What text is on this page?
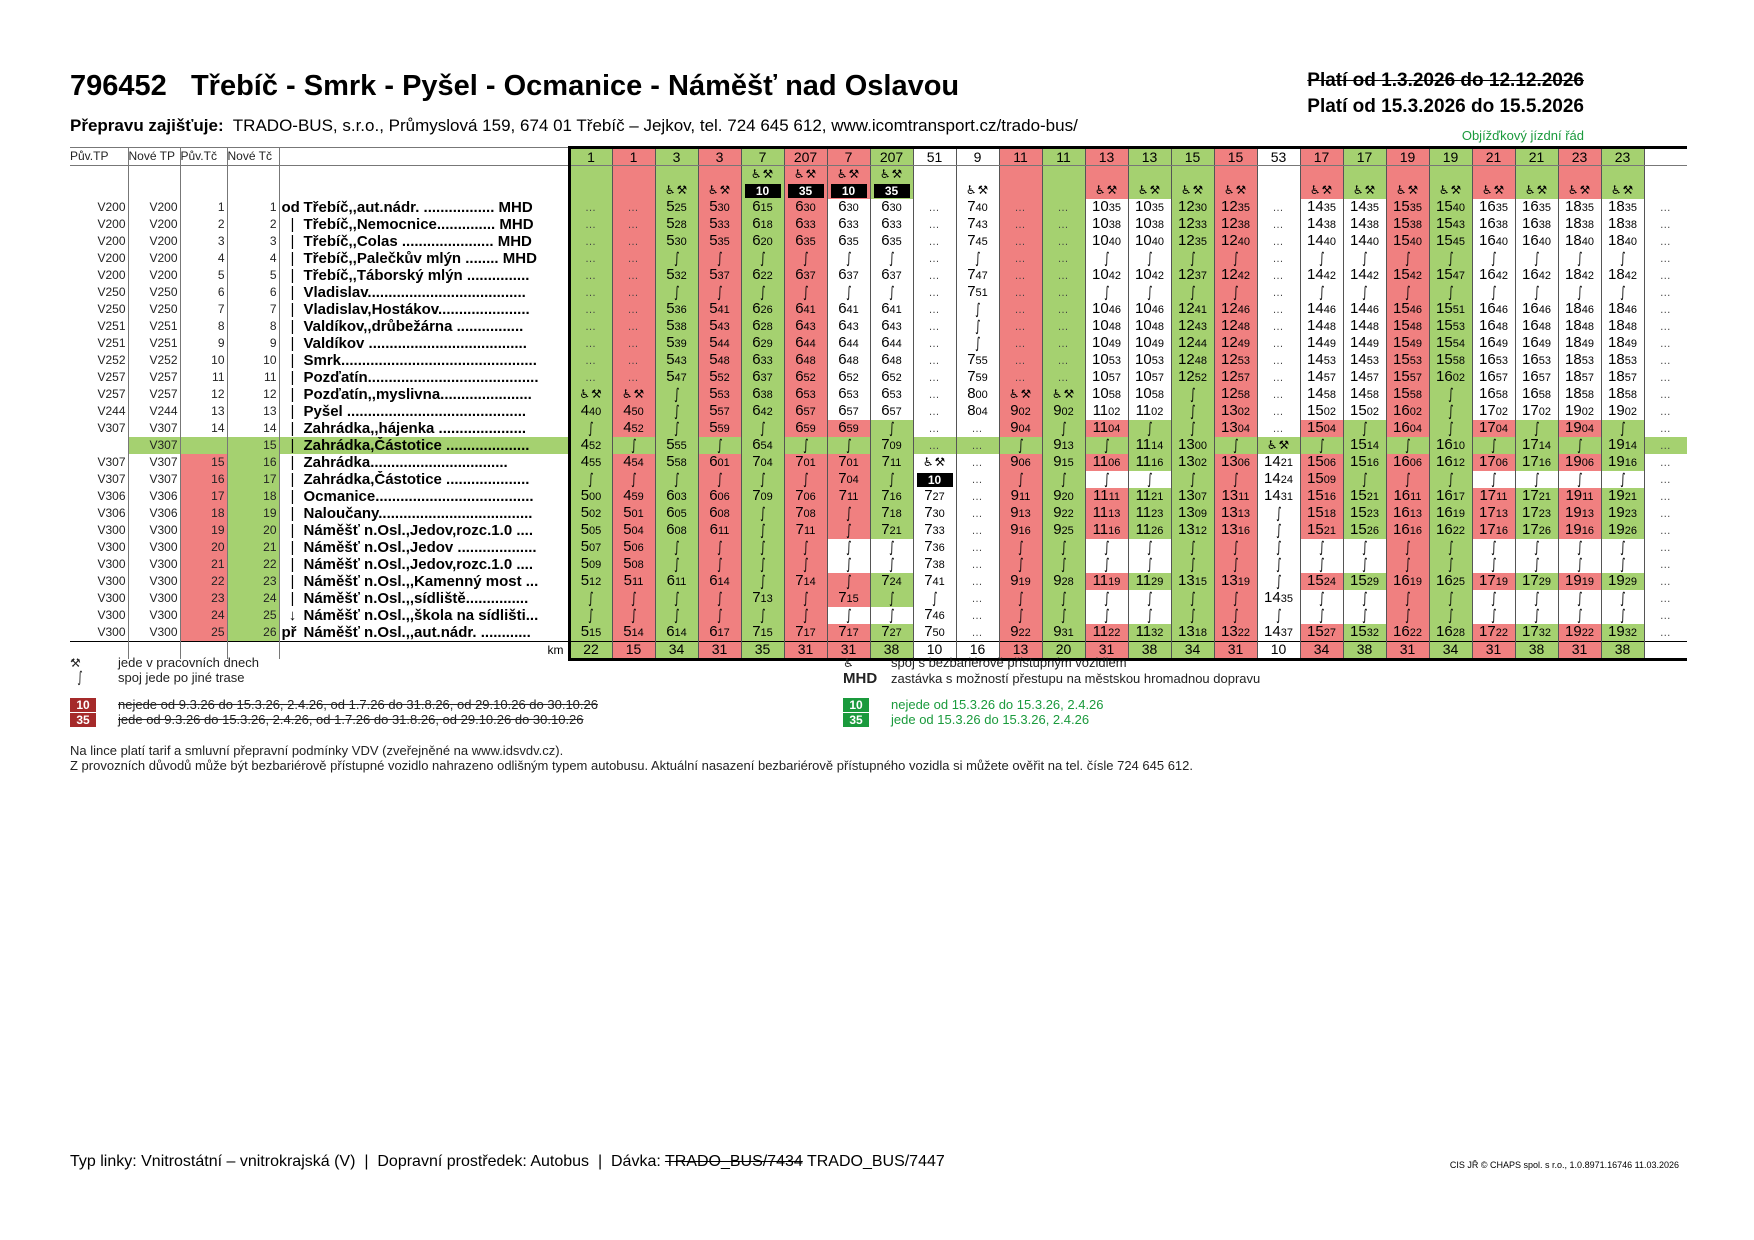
796452 Třebíč - Smrk - Pyšel - Ocmanice - Náměšť nad Oslavou
Přepravu zajišťuje: TRADO-BUS, s.r.o., Průmyslová 159, 674 01 Třebíč – Jejkov, tel. 724 645 612, www.icomtransport.cz/trado-bus/
Platí od 1.3.2026 do 12.12.2026
Platí od 15.3.2026 do 15.5.2026
Objížďkový jízdní řád
Pův.TP	Nové TP	Pův.Tč	Nové Tč		1	1	3	3	7	207	7	207	51	9	11	11	13	13	15	15	53	17	17	19	19	21	21	23	23	
									♿⚒	♿⚒	♿⚒	♿⚒																		
							♿⚒	♿⚒	10	35	10	35		♿⚒			♿⚒	♿⚒	♿⚒	♿⚒		♿⚒	♿⚒	♿⚒	♿⚒	♿⚒	♿⚒	♿⚒	♿⚒	
V200	V200	1	1	od Třebíč,,aut.nádr. ................. MHD	…	…	525	530	615	630	630	630	…	740	…	…	1035	1035	1230	1235	…	1435	1435	1535	1540	1635	1635	1835	1835	…
V200	V200	2	2	| Třebíč,,Nemocnice.............. MHD	…	…	528	533	618	633	633	633	…	743	…	…	1038	1038	1233	1238	…	1438	1438	1538	1543	1638	1638	1838	1838	…
V200	V200	3	3	| Třebíč,,Colas ...................... MHD	…	…	530	535	620	635	635	635	…	745	…	…	1040	1040	1235	1240	…	1440	1440	1540	1545	1640	1640	1840	1840	…
V200	V200	4	4	| Třebíč,,Palečkův mlýn ........ MHD	…	…	∫	∫	∫	∫	∫	∫	…	∫	…	…	∫	∫	∫	∫	…	∫	∫	∫	∫	∫	∫	∫	∫	…
V200	V200	5	5	| Třebíč,,Táborský mlýn ...............	…	…	532	537	622	637	637	637	…	747	…	…	1042	1042	1237	1242	…	1442	1442	1542	1547	1642	1642	1842	1842	…
V250	V250	6	6	| Vladislav......................................	…	…	∫	∫	∫	∫	∫	∫	…	751	…	…	∫	∫	∫	∫	…	∫	∫	∫	∫	∫	∫	∫	∫	…
V250	V250	7	7	| Vladislav,Hostákov......................	…	…	536	541	626	641	641	641	…	∫	…	…	1046	1046	1241	1246	…	1446	1446	1546	1551	1646	1646	1846	1846	…
V251	V251	8	8	| Valdíkov,,drůbežárna ................	…	…	538	543	628	643	643	643	…	∫	…	…	1048	1048	1243	1248	…	1448	1448	1548	1553	1648	1648	1848	1848	…
V251	V251	9	9	| Valdíkov ......................................	…	…	539	544	629	644	644	644	…	∫	…	…	1049	1049	1244	1249	…	1449	1449	1549	1554	1649	1649	1849	1849	…
V252	V252	10	10	| Smrk...............................................	…	…	543	548	633	648	648	648	…	755	…	…	1053	1053	1248	1253	…	1453	1453	1553	1558	1653	1653	1853	1853	…
V257	V257	11	11	| Pozďatín.........................................	…	…	547	552	637	652	652	652	…	759	…	…	1057	1057	1252	1257	…	1457	1457	1557	1602	1657	1657	1857	1857	…
V257	V257	12	12	| Pozďatín,,myslivna......................	♿⚒	♿⚒	∫	553	638	653	653	653	…	800	♿⚒	♿⚒	1058	1058	∫	1258	…	1458	1458	1558	∫	1658	1658	1858	1858	…
V244	V244	13	13	| Pyšel ...........................................	440	450	∫	557	642	657	657	657	…	804	902	902	1102	1102	∫	1302	…	1502	1502	1602	∫	1702	1702	1902	1902	…
V307	V307	14	14	| Zahrádka,,hájenka .....................	∫	452	∫	559	∫	659	659	∫	…	…	904	∫	1104	∫	∫	1304	…	1504	∫	1604	∫	1704	∫	1904	∫	…
	V307		15	| Zahrádka,Částotice ....................	452	∫	555	∫	654	∫	∫	709	…	…	∫	913	∫	1114	1300	∫	♿⚒	∫	1514	∫	1610	∫	1714	∫	1914	…
V307	V307	15	16	| Zahrádka.................................	455	454	558	601	704	701	701	711	♿⚒	…	906	915	1106	1116	1302	1306	1421	1506	1516	1606	1612	1706	1716	1906	1916	…
V307	V307	16	17	| Zahrádka,Částotice ....................	∫	∫	∫	∫	∫	∫	704	∫	10	…	∫	∫	∫	∫	∫	∫	1424	1509	∫	∫	∫	∫	∫	∫	∫	…
V306	V306	17	18	| Ocmanice......................................	500	459	603	606	709	706	711	716	727	…	911	920	1111	1121	1307	1311	1431	1516	1521	1611	1617	1711	1721	1911	1921	…
V306	V306	18	19	| Naloučany.....................................	502	501	605	608	∫	708	∫	718	730	…	913	922	1113	1123	1309	1313	∫	1518	1523	1613	1619	1713	1723	1913	1923	…
V300	V300	19	20	| Náměšť n.Osl.,Jedov,rozc.1.0 ....	505	504	608	611	∫	711	∫	721	733	…	916	925	1116	1126	1312	1316	∫	1521	1526	1616	1622	1716	1726	1916	1926	…
V300	V300	20	21	| Náměšť n.Osl.,Jedov ...................	507	506	∫	∫	∫	∫	∫	∫	736	…	∫	∫	∫	∫	∫	∫	∫	∫	∫	∫	∫	∫	∫	∫	∫	…
V300	V300	21	22	| Náměšť n.Osl.,Jedov,rozc.1.0 ....	509	508	∫	∫	∫	∫	∫	∫	738	…	∫	∫	∫	∫	∫	∫	∫	∫	∫	∫	∫	∫	∫	∫	∫	…
V300	V300	22	23	| Náměšť n.Osl.,,Kamenný most ...	512	511	611	614	∫	714	∫	724	741	…	919	928	1119	1129	1315	1319	∫	1524	1529	1619	1625	1719	1729	1919	1929	…
V300	V300	23	24	| Náměšť n.Osl.,,sídliště...............	∫	∫	∫	∫	713	∫	715	∫	∫	…	∫	∫	∫	∫	∫	∫	1435	∫	∫	∫	∫	∫	∫	∫	∫	…
V300	V300	24	25	↓ Náměšť n.Osl.,,škola na sídlišti...	∫	∫	∫	∫	∫	∫	∫	∫	746	…	∫	∫	∫	∫	∫	∫	∫	∫	∫	∫	∫	∫	∫	∫	∫	…
V300	V300	25	26	př Náměšť n.Osl.,,aut.nádr. ............	515	514	614	617	715	717	717	727	750	…	922	931	1122	1132	1318	1322	1437	1527	1532	1622	1628	1722	1732	1922	1932	…
				km	22	15	34	31	35	31	31	38	10	16	13	20	31	38	34	31	10	34	38	31	34	31	38	31	38	
⚒	jede v pracovních dnech
∫	spoj jede po jiné trase
♿	spoj s bezbariérově přístupným vozidlem
MHD zastávka s možností přestupu na městskou hromadnou dopravu
10 nejede od 9.3.26 do 15.3.26, 2.4.26, od 1.7.26 do 31.8.26, od 29.10.26 do 30.10.26
35 jede od 9.3.26 do 15.3.26, 2.4.26, od 1.7.26 do 31.8.26, od 29.10.26 do 30.10.26
10 nejede od 15.3.26 do 15.3.26, 2.4.26
35 jede od 15.3.26 do 15.3.26, 2.4.26
Na lince platí tarif a smluvní přepravní podmínky VDV (zveřejněné na www.idsvdv.cz).
Z provozních důvodů může být bezbariérově přístupné vozidlo nahrazeno odlišným typem autobusu. Aktuální nasazení bezbariérově přístupného vozidla si můžete ověřit na tel. čísle 724 645 612.
Typ linky: Vnitrostátní – vnitrokrajská (V)  |  Dopravní prostředek: Autobus  |  Dávka: TRADO_BUS/7434 TRADO_BUS/7447	CIS JŘ © CHAPS spol. s r.o., 1.0.8971.16746 11.03.2026
